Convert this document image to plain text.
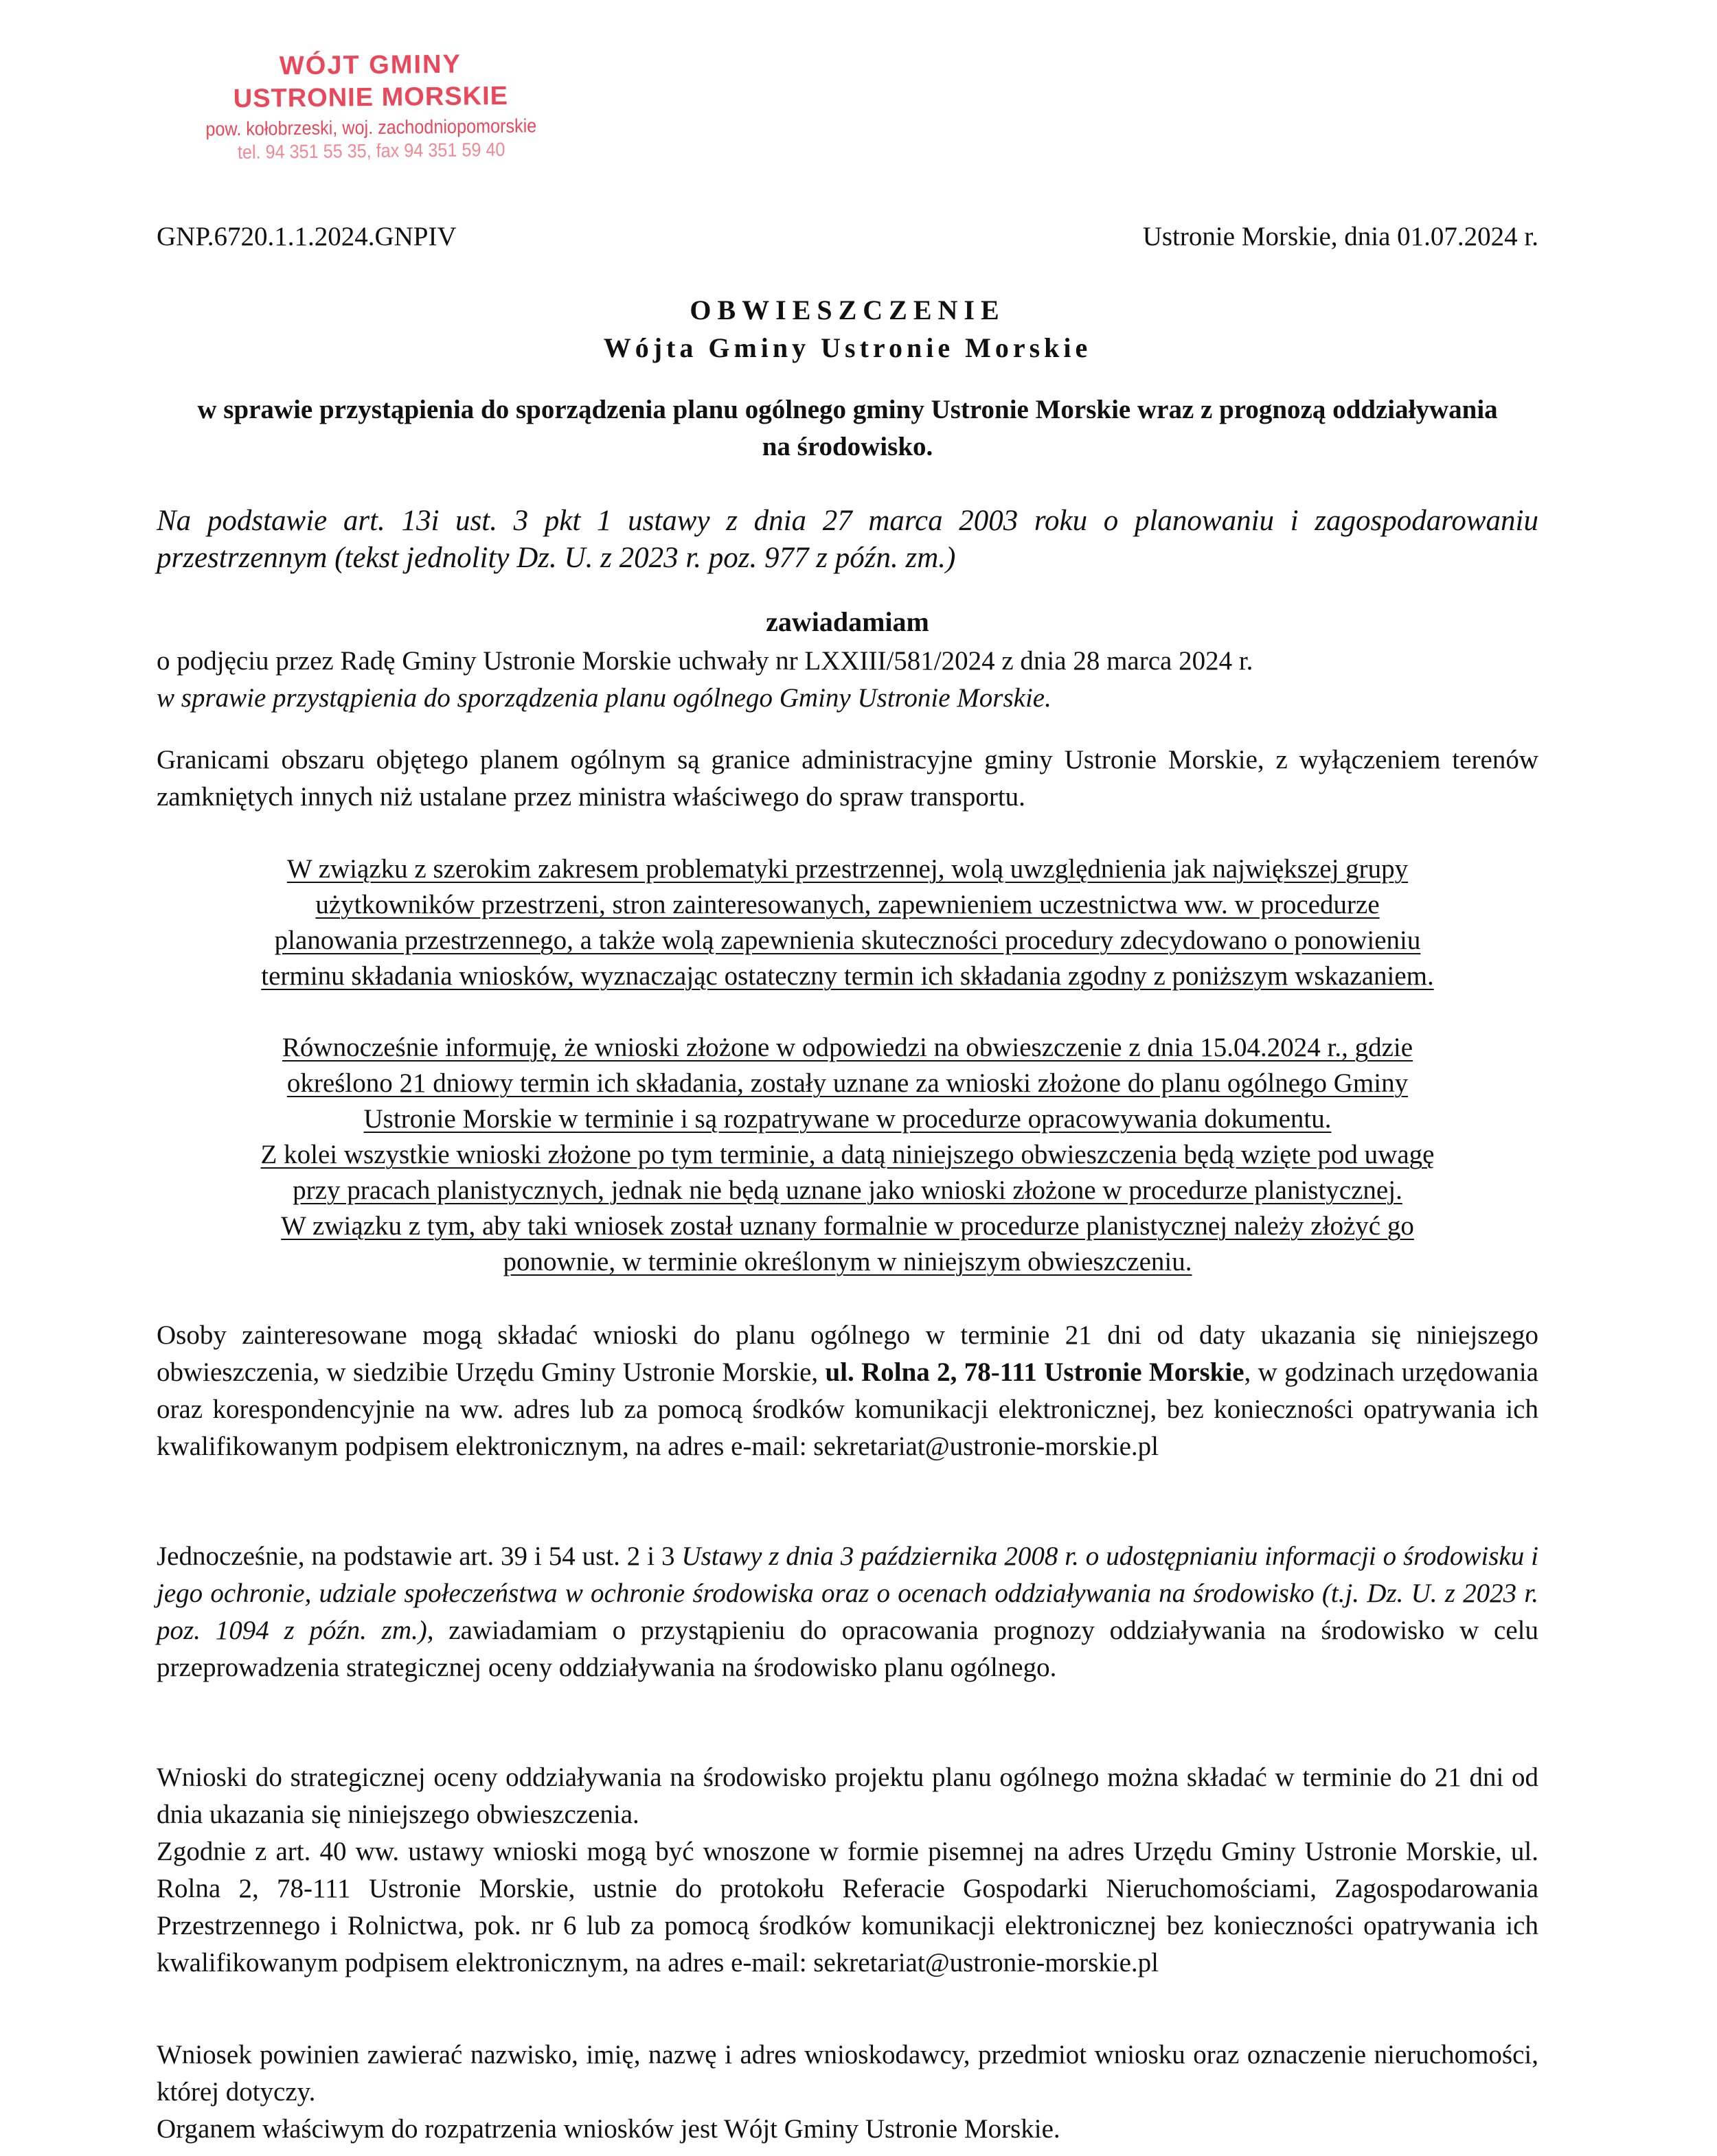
WÓJT GMINY
USTRONIE MORSKIE
pow. kołobrzeski, woj. zachodniopomorskie
tel. 94 351 55 35, fax 94 351 59 40
GNP.6720.1.1.2024.GNPIV	Ustronie Morskie, dnia 01.07.2024 r.
OBWIESZCZENIE
Wójta Gminy Ustronie Morskie
w sprawie przystąpienia do sporządzenia planu ogólnego gminy Ustronie Morskie wraz z prognozą oddziaływania na środowisko.
Na podstawie art. 13i ust. 3 pkt 1 ustawy z dnia 27 marca 2003 roku o planowaniu i zagospodarowaniu przestrzennym (tekst jednolity Dz. U. z 2023 r. poz. 977 z późn. zm.)
zawiadamiam
o podjęciu przez Radę Gminy Ustronie Morskie uchwały nr LXXIII/581/2024 z dnia 28 marca 2024 r.
w sprawie przystąpienia do sporządzenia planu ogólnego Gminy Ustronie Morskie.
Granicami obszaru objętego planem ogólnym są granice administracyjne gminy Ustronie Morskie, z wyłączeniem terenów zamkniętych innych niż ustalane przez ministra właściwego do spraw transportu.
W związku z szerokim zakresem problematyki przestrzennej, wolą uwzględnienia jak największej grupy
użytkowników przestrzeni, stron zainteresowanych, zapewnieniem uczestnictwa ww. w procedurze
planowania przestrzennego, a także wolą zapewnienia skuteczności procedury zdecydowano o ponowieniu
terminu składania wniosków, wyznaczając ostateczny termin ich składania zgodny z poniższym wskazaniem.
Równocześnie informuję, że wnioski złożone w odpowiedzi na obwieszczenie z dnia 15.04.2024 r., gdzie
określono 21 dniowy termin ich składania, zostały uznane za wnioski złożone do planu ogólnego Gminy
Ustronie Morskie w terminie i są rozpatrywane w procedurze opracowywania dokumentu.
Z kolei wszystkie wnioski złożone po tym terminie, a datą niniejszego obwieszczenia będą wzięte pod uwagę
przy pracach planistycznych, jednak nie będą uznane jako wnioski złożone w procedurze planistycznej.
W związku z tym, aby taki wniosek został uznany formalnie w procedurze planistycznej należy złożyć go
ponownie, w terminie określonym w niniejszym obwieszczeniu.
Osoby zainteresowane mogą składać wnioski do planu ogólnego w terminie 21 dni od daty ukazania się niniejszego obwieszczenia, w siedzibie Urzędu Gminy Ustronie Morskie, ul. Rolna 2, 78-111 Ustronie Morskie, w godzinach urzędowania oraz korespondencyjnie na ww. adres lub za pomocą środków komunikacji elektronicznej, bez konieczności opatrywania ich kwalifikowanym podpisem elektronicznym, na adres e-mail: sekretariat@ustronie-morskie.pl
Jednocześnie, na podstawie art. 39 i 54 ust. 2 i 3 Ustawy z dnia 3 października 2008 r. o udostępnianiu informacji o środowisku i jego ochronie, udziale społeczeństwa w ochronie środowiska oraz o ocenach oddziaływania na środowisko (t.j. Dz. U. z 2023 r. poz. 1094 z późn. zm.), zawiadamiam o przystąpieniu do opracowania prognozy oddziaływania na środowisko w celu przeprowadzenia strategicznej oceny oddziaływania na środowisko planu ogólnego.
Wnioski do strategicznej oceny oddziaływania na środowisko projektu planu ogólnego można składać w terminie do 21 dni od dnia ukazania się niniejszego obwieszczenia.
Zgodnie z art. 40 ww. ustawy wnioski mogą być wnoszone w formie pisemnej na adres Urzędu Gminy Ustronie Morskie, ul. Rolna 2, 78-111 Ustronie Morskie, ustnie do protokołu Referacie Gospodarki Nieruchomościami, Zagospodarowania Przestrzennego i Rolnictwa, pok. nr 6 lub za pomocą środków komunikacji elektronicznej bez konieczności opatrywania ich kwalifikowanym podpisem elektronicznym, na adres e-mail: sekretariat@ustronie-morskie.pl
Wniosek powinien zawierać nazwisko, imię, nazwę i adres wnioskodawcy, przedmiot wniosku oraz oznaczenie nieruchomości, której dotyczy.
Organem właściwym do rozpatrzenia wniosków jest Wójt Gminy Ustronie Morskie.
